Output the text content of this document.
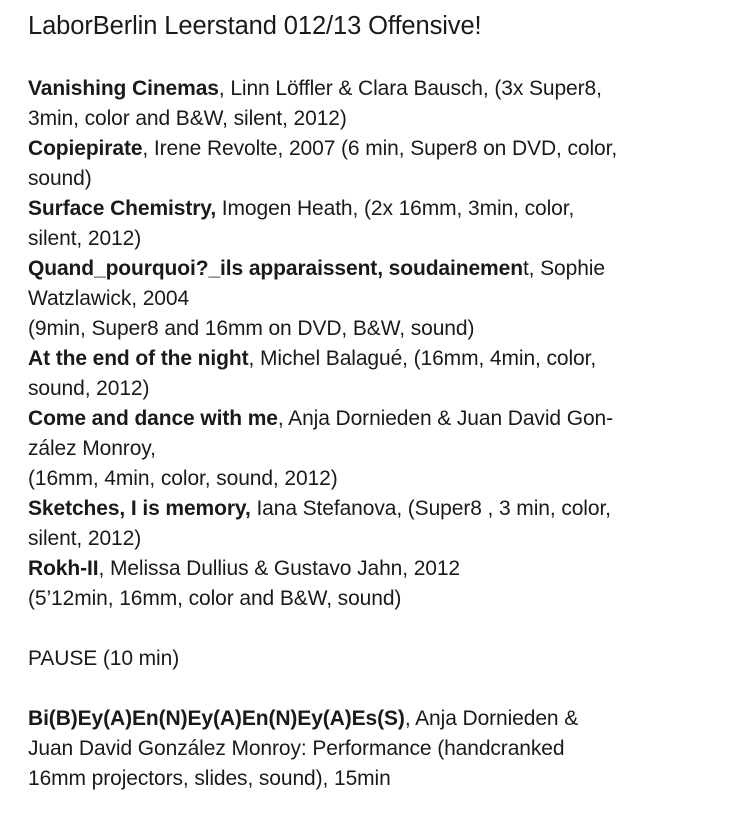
LaborBerlin Leerstand 012/13 Offensive!
Vanishing Cinemas, Linn Löffler & Clara Bausch, (3x Super8,
3min, color and B&W, silent, 2012)
Copiepirate, Irene Revolte, 2007 (6 min, Super8 on DVD, color,
sound)
Surface Chemistry, Imogen Heath, (2x 16mm, 3min, color,
silent, 2012)
Quand_pourquoi?_ils apparaissent, soudainement, Sophie
Watzlawick, 2004
(9min, Super8 and 16mm on DVD, B&W, sound)
At the end of the night, Michel Balagué, (16mm, 4min, color,
sound, 2012)
Come and dance with me, Anja Dornieden & Juan David Gon-
zález Monroy,
(16mm, 4min, color, sound, 2012)
Sketches, I is memory, Iana Stefanova, (Super8 , 3 min, color,
silent, 2012)
Rokh-II, Melissa Dullius & Gustavo Jahn, 2012
(5’12min, 16mm, color and B&W, sound)
PAUSE (10 min)
Bi(B)Ey(A)En(N)Ey(A)En(N)Ey(A)Es(S), Anja Dornieden &
Juan David González Monroy: Performance (handcranked
16mm projectors, slides, sound), 15min
